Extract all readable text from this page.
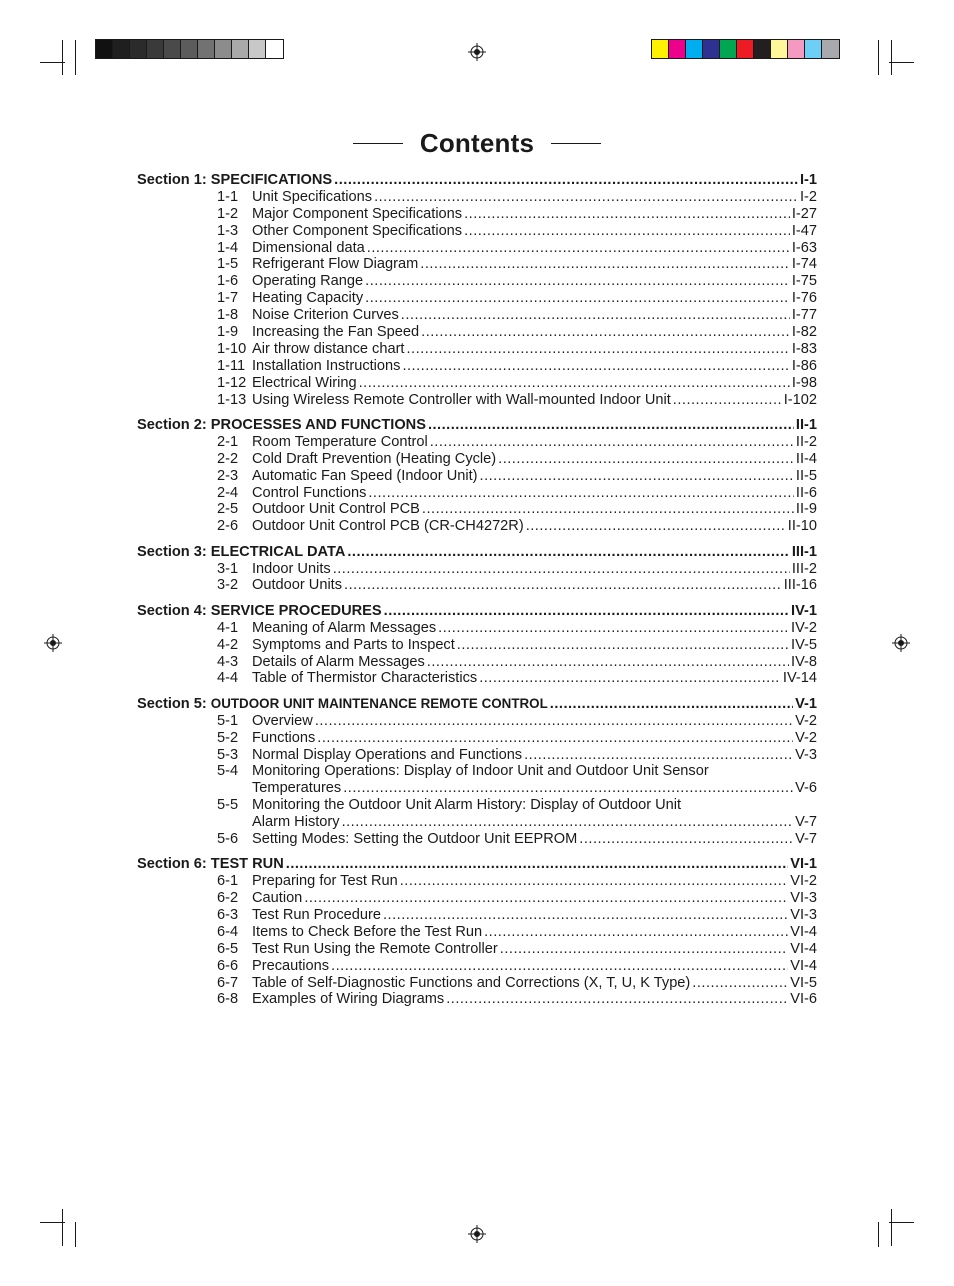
Contents
Section 1: SPECIFICATIONS .....	I-1
1-1 Unit Specifications .....	I-2
1-2 Major Component Specifications .....	I-27
1-3 Other Component Specifications .....	I-47
1-4 Dimensional data .....	I-63
1-5 Refrigerant Flow Diagram .....	I-74
1-6 Operating Range .....	I-75
1-7 Heating Capacity .....	I-76
1-8 Noise Criterion Curves .....	I-77
1-9 Increasing the Fan Speed .....	I-82
1-10 Air throw distance chart .....	I-83
1-11 Installation Instructions .....	I-86
1-12 Electrical Wiring .....	I-98
1-13 Using Wireless Remote Controller with Wall-mounted Indoor Unit .....	I-102
Section 2: PROCESSES AND FUNCTIONS .....	II-1
2-1 Room Temperature Control .....	II-2
2-2 Cold Draft Prevention (Heating Cycle) .....	II-4
2-3 Automatic Fan Speed (Indoor Unit) .....	II-5
2-4 Control Functions .....	II-6
2-5 Outdoor Unit Control PCB .....	II-9
2-6 Outdoor Unit Control PCB (CR-CH4272R) .....	II-10
Section 3: ELECTRICAL DATA .....	III-1
3-1 Indoor Units .....	III-2
3-2 Outdoor Units .....	III-16
Section 4: SERVICE PROCEDURES .....	IV-1
4-1 Meaning of Alarm Messages .....	IV-2
4-2 Symptoms and Parts to Inspect .....	IV-5
4-3 Details of Alarm Messages .....	IV-8
4-4 Table of Thermistor Characteristics .....	IV-14
Section 5: OUTDOOR UNIT MAINTENANCE REMOTE CONTROL .....	V-1
5-1 Overview .....	V-2
5-2 Functions .....	V-2
5-3 Normal Display Operations and Functions .....	V-3
5-4 Monitoring Operations: Display of Indoor Unit and Outdoor Unit Sensor
Temperatures .....	V-6
5-5 Monitoring the Outdoor Unit Alarm History: Display of Outdoor Unit
Alarm History .....	V-7
5-6 Setting Modes: Setting the Outdoor Unit EEPROM .....	V-7
Section 6: TEST RUN .....	VI-1
6-1 Preparing for Test Run .....	VI-2
6-2 Caution .....	VI-3
6-3 Test Run Procedure .....	VI-3
6-4 Items to Check Before the Test Run .....	VI-4
6-5 Test Run Using the Remote Controller .....	VI-4
6-6 Precautions .....	VI-4
6-7 Table of Self-Diagnostic Functions and Corrections (X, T, U, K Type) .....	VI-5
6-8 Examples of Wiring Diagrams .....	VI-6
